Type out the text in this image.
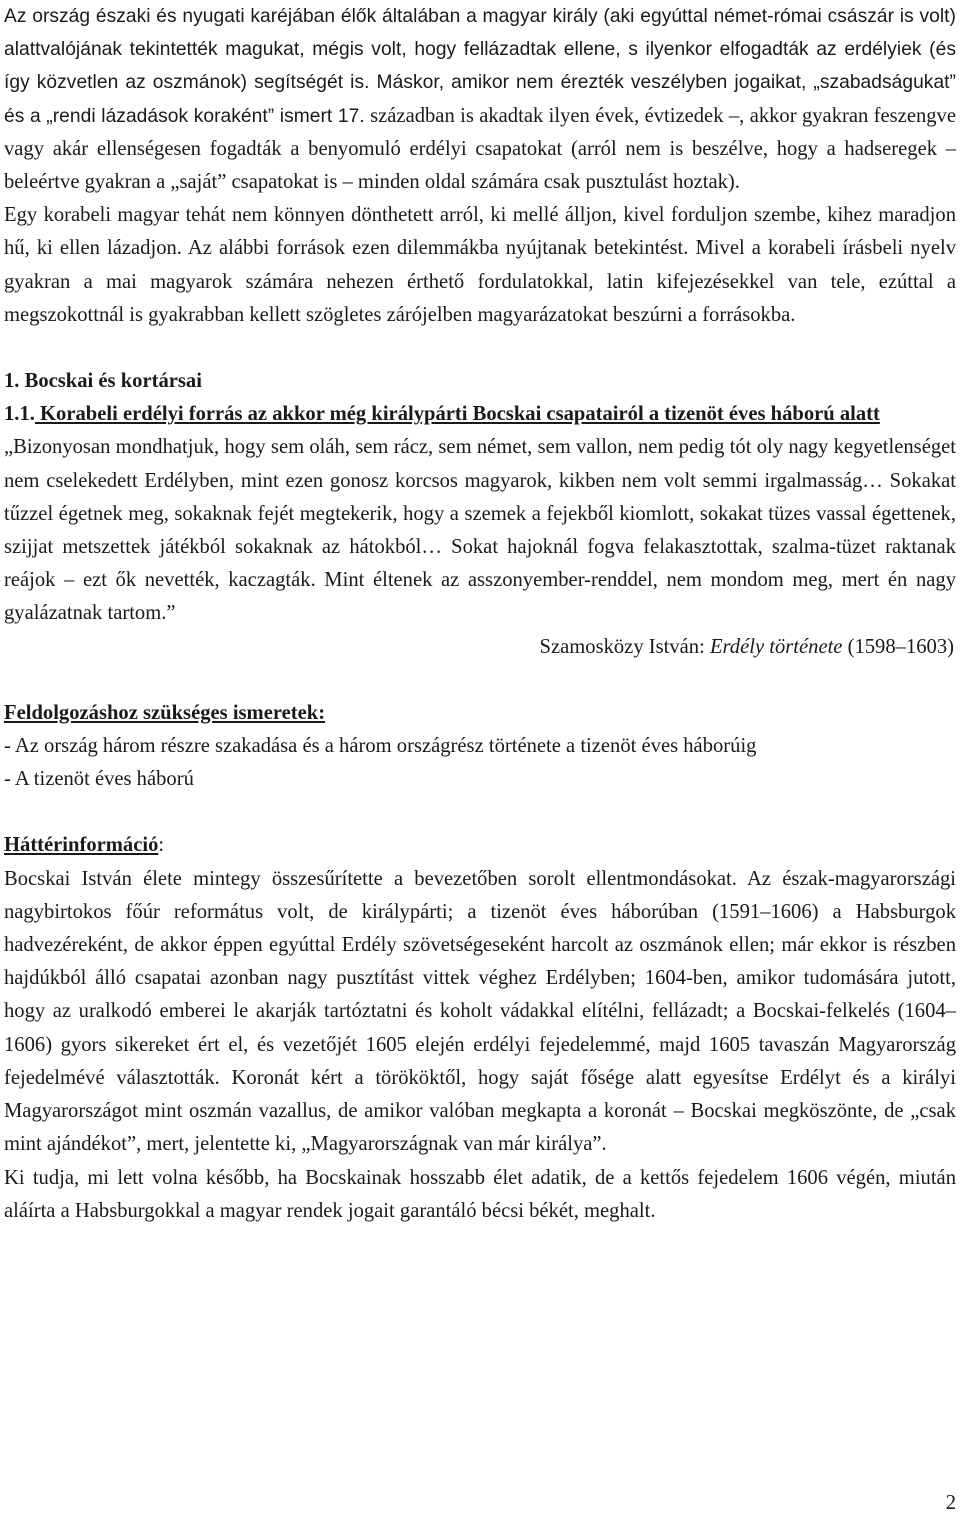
Az ország északi és nyugati karéjában élők általában a magyar király (aki egyúttal német-római császár is volt) alattvalójának tekintették magukat, mégis volt, hogy fellázadtak ellene, s ilyenkor elfogadták az erdélyiek (és így közvetlen az oszmánok) segítségét is. Máskor, amikor nem érezték veszélyben jogaikat, „szabadságukat” és a „rendi lázadások koraként” ismert 17. században is akadtak ilyen évek, évtizedek –, akkor gyakran feszengve vagy akár ellenségesen fogadták a benyomuló erdélyi csapatokat (arról nem is beszélve, hogy a hadseregek – beleértve gyakran a „saját” csapatokat is – minden oldal számára csak pusztulást hoztak).

Egy korabeli magyar tehát nem könnyen dönthetett arról, ki mellé álljon, kivel forduljon szembe, kihez maradjon hű, ki ellen lázadjon. Az alábbi források ezen dilemmákba nyújtanak betekintést. Mivel a korabeli írásbeli nyelv gyakran a mai magyarok számára nehezen érthető fordulatokkal, latin kifejezésekkel van tele, ezúttal a megszokottnál is gyakrabban kellett szögletes zárójelben magyarázatokat beszúrni a forrásokba.

1. Bocskai és kortársai

1.1. Korabeli erdélyi forrás az akkor még királypárti Bocskai csapatairól a tizenöt éves háború alatt

„Bizonyosan mondhatjuk, hogy sem oláh, sem rácz, sem német, sem vallon, nem pedig tót oly nagy kegyetlenséget nem cselekedett Erdélyben, mint ezen gonosz korcsos magyarok, kikben nem volt semmi irgalmasság… Sokakat tűzzel égetnek meg, sokaknak fejét megtekerik, hogy a szemek a fejekből kiomlott, sokakat tüzes vassal égettenek, szijjat metszettek játékból sokaknak az hátokból… Sokat hajoknál fogva felakasztottak, szalma-tüzet raktanak reájok – ezt ők nevették, kaczagták. Mint éltenek az asszonyember-renddel, nem mondom meg, mert én nagy gyalázatnak tartom.”

Szamosközy István: Erdély története (1598–1603)

Feldolgozáshoz szükséges ismeretek:

- Az ország három részre szakadása és a három országrész története a tizenöt éves háborúig

- A tizenöt éves háború

Háttérinformáció:

Bocskai István élete mintegy összesűrítette a bevezetőben sorolt ellentmondásokat. Az észak-magyarországi nagybirtokos főúr református volt, de királypárti; a tizenöt éves háborúban (1591–1606) a Habsburgok hadvezéreként, de akkor éppen egyúttal Erdély szövetségeseként harcolt az oszmánok ellen; már ekkor is részben hajdúkból álló csapatai azonban nagy pusztítást vittek véghez Erdélyben; 1604-ben, amikor tudomására jutott, hogy az uralkodó emberei le akarják tartóztatni és koholt vádakkal elítélni, fellázadt; a Bocskai-felkelés (1604–1606) gyors sikereket ért el, és vezetőjét 1605 elején erdélyi fejedelemmé, majd 1605 tavaszán Magyarország fejedelmévé választották. Koronát kért a törököktől, hogy saját fősége alatt egyesítse Erdélyt és a királyi Magyarországot mint oszmán vazallus, de amikor valóban megkapta a koronát – Bocskai megköszönte, de „csak mint ajándékot”, mert, jelentette ki, „Magyarországnak van már királya”.

Ki tudja, mi lett volna később, ha Bocskainak hosszabb élet adatik, de a kettős fejedelem 1606 végén, miután aláírta a Habsburgokkal a magyar rendek jogait garantáló bécsi békét, meghalt.

2
